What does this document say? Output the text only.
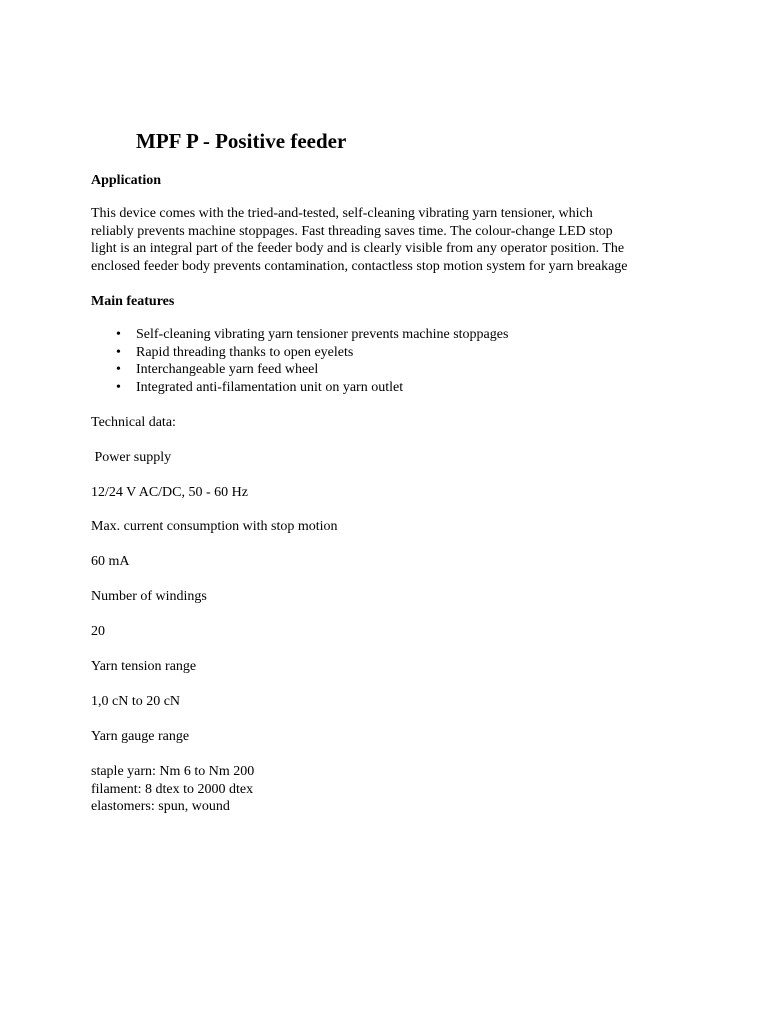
MPF P - Positive feeder
Application

This device comes with the tried-and-tested, self-cleaning vibrating yarn tensioner, which
reliably prevents machine stoppages. Fast threading saves time. The colour-change LED stop
light is an integral part of the feeder body and is clearly visible from any operator position. The
enclosed feeder body prevents contamination, contactless stop motion system for yarn breakage

Main features
• Self-cleaning vibrating yarn tensioner prevents machine stoppages
• Rapid threading thanks to open eyelets
• Interchangeable yarn feed wheel
• Integrated anti-filamentation unit on yarn outlet

Technical data:

Power supply

12/24 V AC/DC, 50 - 60 Hz

Max. current consumption with stop motion

60 mA

Number of windings

20

Yarn tension range

1,0 cN to 20 cN

Yarn gauge range

staple yarn: Nm 6 to Nm 200
filament: 8 dtex to 2000 dtex
elastomers: spun, wound
